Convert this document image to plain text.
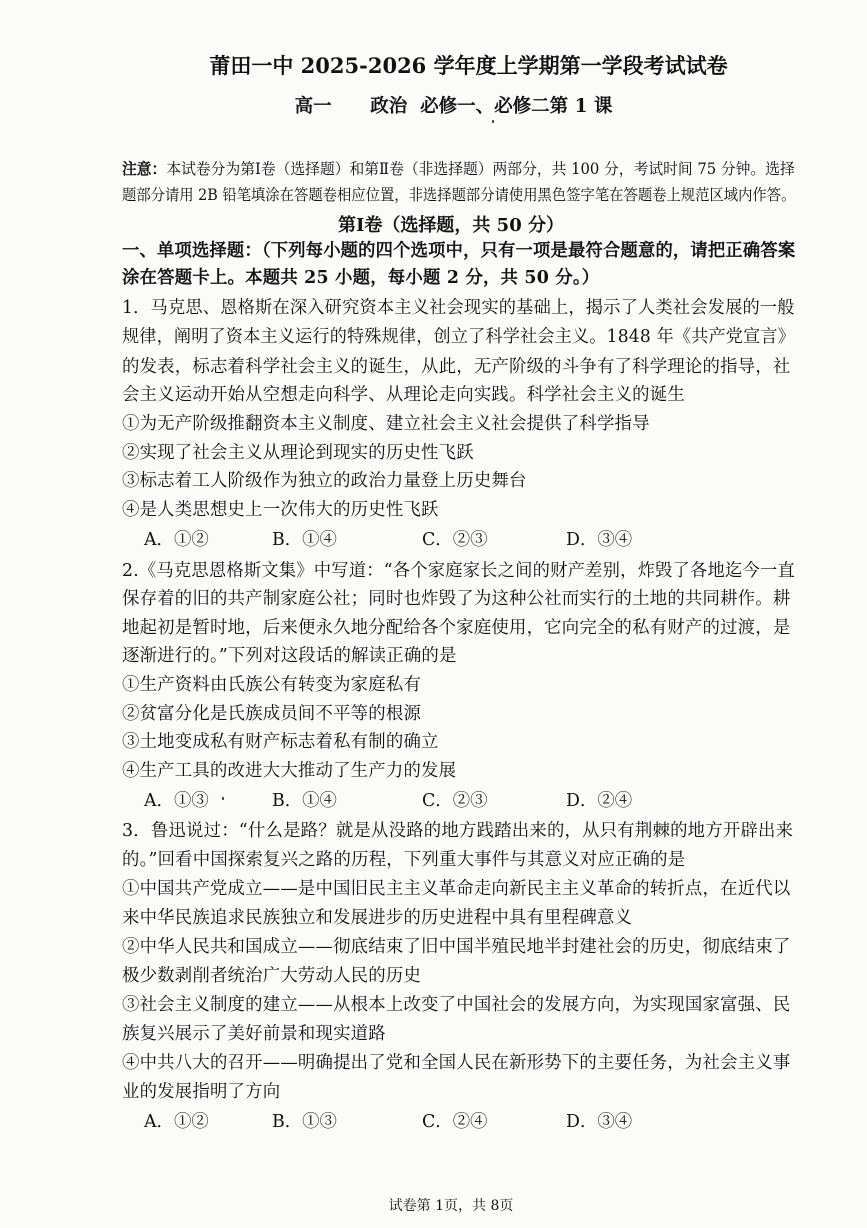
莆田一中 2025-2026 学年度上学期第一学段考试试卷
高一      政治  必修一、必修二第 1 课
注意：本试卷分为第Ⅰ卷（选择题）和第Ⅱ卷（非选择题）两部分，共 100 分，考试时间 75 分钟。选择
题部分请用 2B 铅笔填涂在答题卷相应位置，非选择题部分请使用黑色签字笔在答题卷上规范区域内作答。
第Ⅰ卷（选择题，共 50 分）
一、单项选择题：（下列每小题的四个选项中，只有一项是最符合题意的，请把正确答案
涂在答题卡上。本题共 25 小题，每小题 2 分，共 50 分。）
1．马克思、恩格斯在深入研究资本主义社会现实的基础上，揭示了人类社会发展的一般
规律，阐明了资本主义运行的特殊规律，创立了科学社会主义。1848 年《共产党宣言》
的发表，标志着科学社会主义的诞生，从此，无产阶级的斗争有了科学理论的指导，社
会主义运动开始从空想走向科学、从理论走向实践。科学社会主义的诞生
①为无产阶级推翻资本主义制度、建立社会主义社会提供了科学指导
②实现了社会主义从理论到现实的历史性飞跃
③标志着工人阶级作为独立的政治力量登上历史舞台
④是人类思想史上一次伟大的历史性飞跃
A．①②	B．①④	C．②③	D．③④
2.《马克思恩格斯文集》中写道：“各个家庭家长之间的财产差别，炸毁了各地迄今一直
保存着的旧的共产制家庭公社；同时也炸毁了为这种公社而实行的土地的共同耕作。耕
地起初是暂时地，后来便永久地分配给各个家庭使用，它向完全的私有财产的过渡，是
逐渐进行的。”下列对这段话的解读正确的是
①生产资料由氏族公有转变为家庭私有
②贫富分化是氏族成员间不平等的根源
③土地变成私有财产标志着私有制的确立
④生产工具的改进大大推动了生产力的发展
A．①③	B．①④	C．②③	D．②④
3．鲁迅说过：“什么是路？就是从没路的地方践踏出来的，从只有荆棘的地方开辟出来
的。”回看中国探索复兴之路的历程，下列重大事件与其意义对应正确的是
①中国共产党成立——是中国旧民主主义革命走向新民主主义革命的转折点，在近代以
来中华民族追求民族独立和发展进步的历史进程中具有里程碑意义
②中华人民共和国成立——彻底结束了旧中国半殖民地半封建社会的历史，彻底结束了
极少数剥削者统治广大劳动人民的历史
③社会主义制度的建立——从根本上改变了中国社会的发展方向，为实现国家富强、民
族复兴展示了美好前景和现实道路
④中共八大的召开——明确提出了党和全国人民在新形势下的主要任务，为社会主义事
业的发展指明了方向
A．①②	B．①③	C．②④	D．③④
试卷第 1页，共 8页
